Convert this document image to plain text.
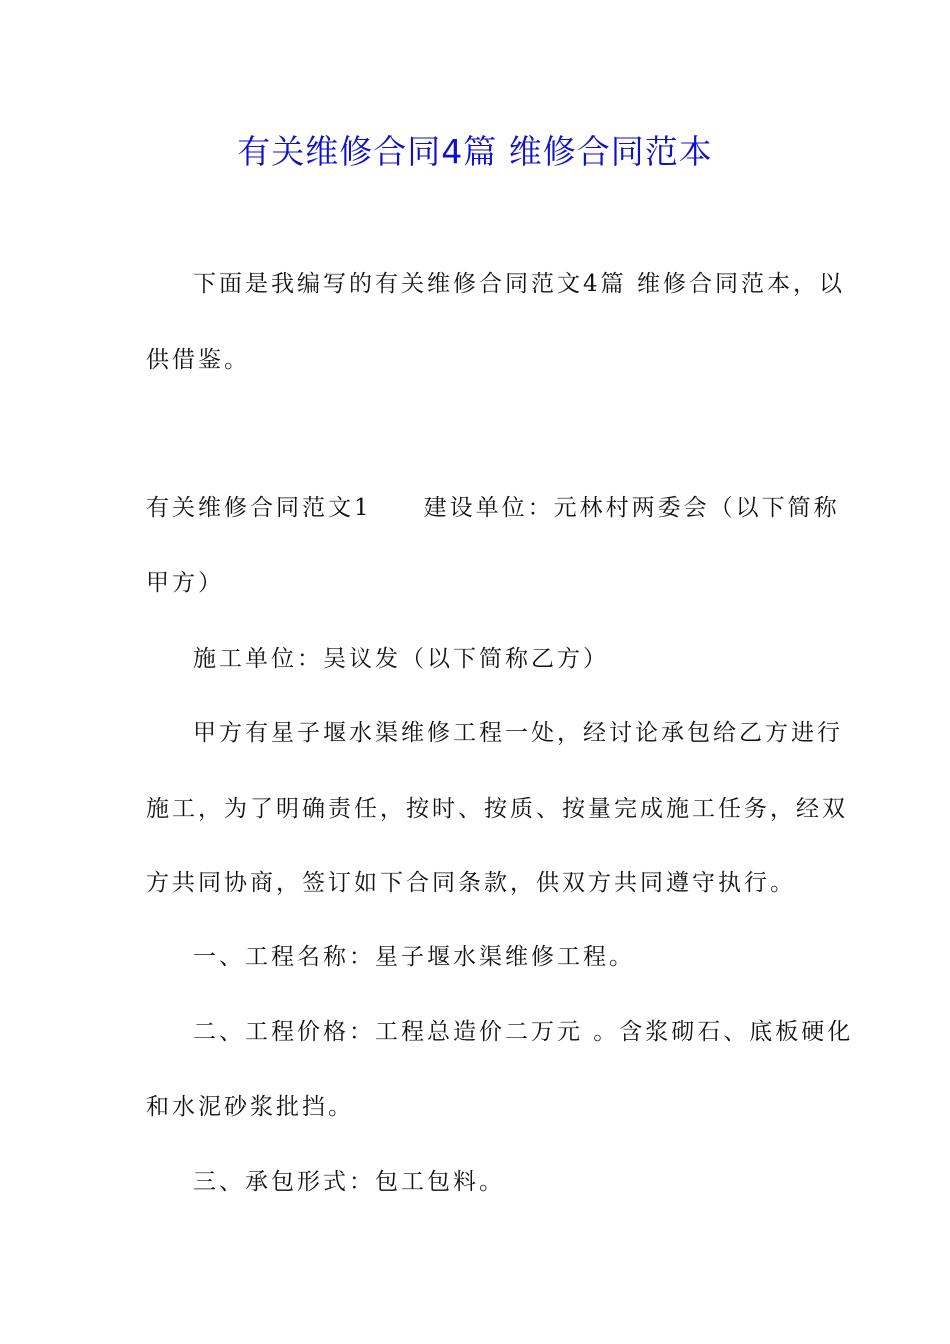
有关维修合同4篇 维修合同范本
下面是我编写的有关维修合同范文4篇 维修合同范本，以
供借鉴。
有关维修合同范文1　　建设单位：元林村两委会（以下简称
甲方）
施工单位：吴议发（以下简称乙方）
甲方有星子堰水渠维修工程一处，经讨论承包给乙方进行
施工，为了明确责任，按时、按质、按量完成施工任务，经双
方共同协商，签订如下合同条款，供双方共同遵守执行。
一、工程名称：星子堰水渠维修工程。
二、工程价格：工程总造价二万元 。含浆砌石、底板硬化
和水泥砂浆批挡。
三、承包形式：包工包料。
